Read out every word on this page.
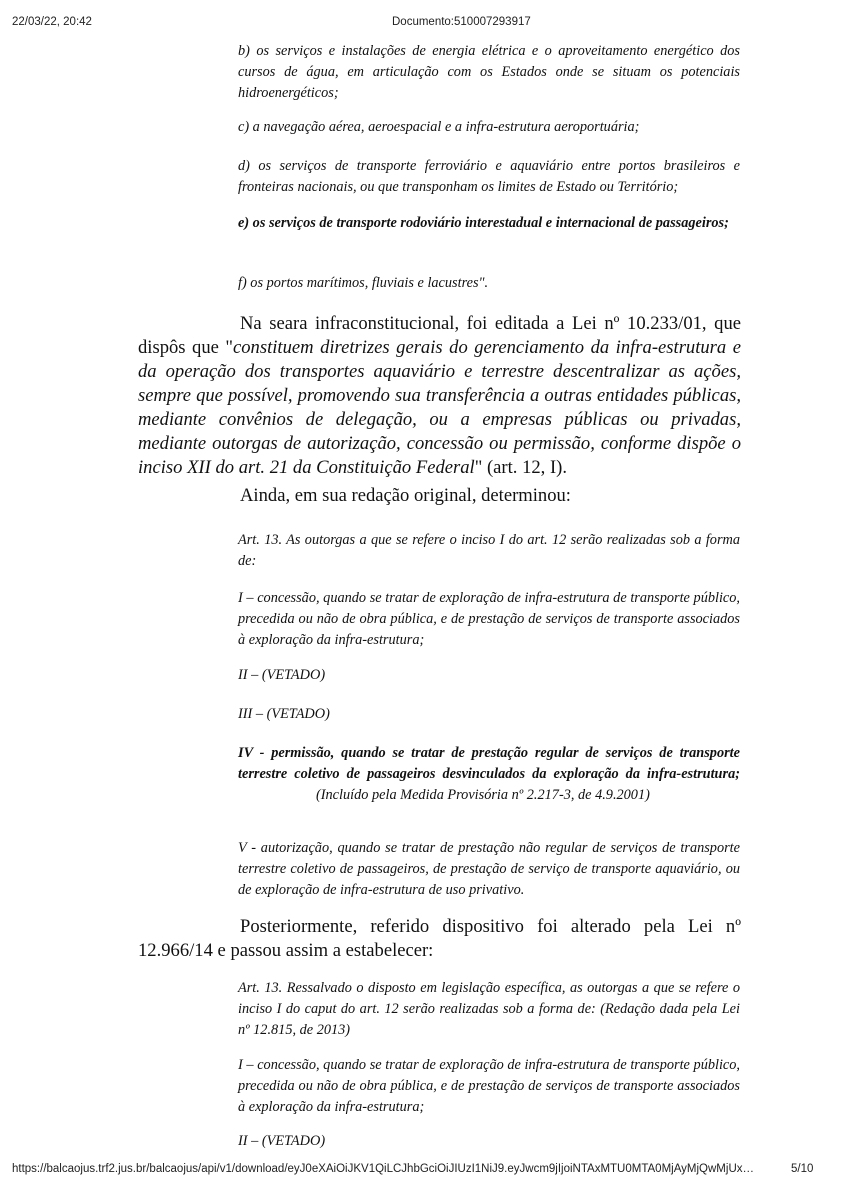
22/03/22, 20:42	Documento:510007293917
b) os serviços e instalações de energia elétrica e o aproveitamento energético dos cursos de água, em articulação com os Estados onde se situam os potenciais hidroenergéticos;
c) a navegação aérea, aeroespacial e a infra-estrutura aeroportuária;
d) os serviços de transporte ferroviário e aquaviário entre portos brasileiros e fronteiras nacionais, ou que transponham os limites de Estado ou Território;
e) os serviços de transporte rodoviário interestadual e internacional de passageiros;
f) os portos marítimos, fluviais e lacustres".
Na seara infraconstitucional, foi editada a Lei nº 10.233/01, que dispôs que "constituem diretrizes gerais do gerenciamento da infra-estrutura e da operação dos transportes aquaviário e terrestre descentralizar as ações, sempre que possível, promovendo sua transferência a outras entidades públicas, mediante convênios de delegação, ou a empresas públicas ou privadas, mediante outorgas de autorização, concessão ou permissão, conforme dispõe o inciso XII do art. 21 da Constituição Federal" (art. 12, I).
Ainda, em sua redação original, determinou:
Art. 13. As outorgas a que se refere o inciso I do art. 12 serão realizadas sob a forma de:
I – concessão, quando se tratar de exploração de infra-estrutura de transporte público, precedida ou não de obra pública, e de prestação de serviços de transporte associados à exploração da infra-estrutura;
II – (VETADO)
III – (VETADO)
IV - permissão, quando se tratar de prestação regular de serviços de transporte terrestre coletivo de passageiros desvinculados da exploração da infra-estrutura; (Incluído pela Medida Provisória nº 2.217-3, de 4.9.2001)
V - autorização, quando se tratar de prestação não regular de serviços de transporte terrestre coletivo de passageiros, de prestação de serviço de transporte aquaviário, ou de exploração de infra-estrutura de uso privativo.
Posteriormente, referido dispositivo foi alterado pela Lei nº 12.966/14 e passou assim a estabelecer:
Art. 13. Ressalvado o disposto em legislação específica, as outorgas a que se refere o inciso I do caput do art. 12 serão realizadas sob a forma de: (Redação dada pela Lei nº 12.815, de 2013)
I – concessão, quando se tratar de exploração de infra-estrutura de transporte público, precedida ou não de obra pública, e de prestação de serviços de transporte associados à exploração da infra-estrutura;
II – (VETADO)
https://balcaojus.trf2.jus.br/balcaojus/api/v1/download/eyJ0eXAiOiJKV1QiLCJhbGciOiJIUzI1NiJ9.eyJwcm9jIjoiNTAxMTU0MTA0MjAyMjQwMjUx…	5/10
